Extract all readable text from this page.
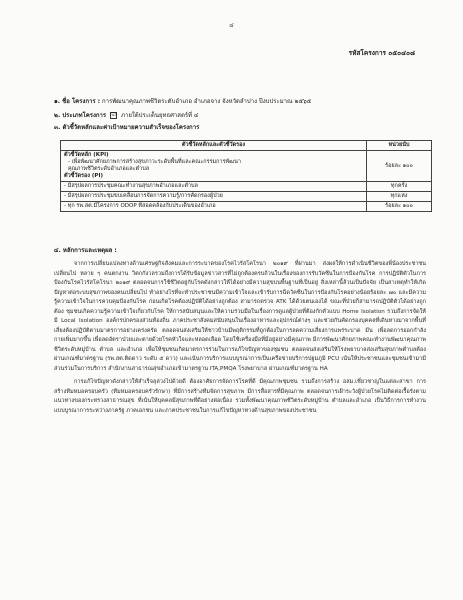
๔
รหัสโครงการ ๐๕๐๔๐๘
๑. ชื่อ โครงการ : การพัฒนาคุณภาพชีวิตระดับอำเภอ อำเภอจาง จังหวัดลำปาง ปีงบประมาณ ๒๕๖๕
๒. ประเภทโครงการ ☑ ภายใต้ประเด็นยุทธศาสตร์ที่ ๔
๓. ตัวชี้วัดหลักและค่าเป้าหมายความสำเร็จของโครงการ
ตัวชี้วัดหลักและตัวชี้วัดรอง	หน่วยนับ

ตัวชี้วัดหลัก (KPI)
- เพื่อพัฒนาศักยภาพการสร้างสุขภาวะระดับพื้นที่และคณะกรรมการพัฒนา
คุณภาพชีวิตระดับอำเภอและตำบล
ตัวชี้วัดรอง (PI)	ร้อยละ ๑๐๐
- มีสรุปผลการประชุมคณะทำงานสุขภาพอำเภอและตำบล	ทุกครั้ง
- มีสรุปผลการประชุมขบเคลื่อนการจัดการความรู้/การคัดกรองผู้ป่วย	ทุกแห่ง
- ทุก รพ.สต.มีโครงการ ODOP ที่สอดคล้องกับประเด็นของอำเภอ	ร้อยละ ๑๐๐
๔. หลักการและเหตุผล :

จากการเปลี่ยนแปลงทางด้านเศรษฐกิจสังคมและการระบาดของโรคไวรัสโคโรนา ๒๐๑๙ ที่ผ่านมา ส่งผลให้การดำเนินชีวิตของพี่น้องประชาชนเปลี่ยนไป หลาย ๆ คนตกงาน วิตกกังวลรวมถึงการได้รับข้อมูลข่าวสารที่ไม่ถูกต้องครบถ้วนในเรื่องของการรับวัคซีนในการป้องกันโรค การปฏิบัติตัวในการป้องกันโรคไวรัสโคโรนา ๒๐๑๙ ตลอดจนการใช้ชีวิตอยู่กับโรคดังกล่าวให้ได้อย่างมีความสุขบนพื้นฐานที่เป็นอยู่ สิ่งเหล่านี้ล้วนเป็นปัจจัย เป็นสาเหตุทำให้เกิดปัญหาต่อระบบสุขภาพของคนเปลี่ยนไป ทำอย่างไรที่จะทำประชาชนมีความเข้าใจและเข้ารับการฉีดวัคซีนในการป้องกันโรคอย่างน้อยร้อยละ ๗๐ และมีความรู้ความเข้าใจในการควบคุมป้องกันโรค ก่อนเกิดโรคต้องปฏิบัติได้อย่างถูกต้อง สามารถตรวจ ATK ได้ด้วยตนเองได้ ขณะที่ป่วยก็สามารถปฏิบัติตัวได้อย่างถูกต้อง ชุมชนเกิดความรู้ความเข้าใจเกี่ยวกับโรค ให้การสนับสนุนและให้ความร่วมมือในเรื่องการดูแลผู้ป่วยที่ต้องกักตัวแบบ Home Isolation รวมถึงการจัดให้มี Local Isolation องค์กรปกครองส่วนท้องถิ่น ภาคประชาสังคมสนับสนุนในเรื่องอาหารและอุปกรณ์ต่างๆ และช่วยกันคัดกรองบุคคลที่เดินทางมาจากพื้นที่เสี่ยงต้องปฏิบัติตามมาตรการอย่างเคร่งครัด ตลอดจนส่งเสริมให้ชาวบ้านมีพฤติกรรมที่ถูกต้องในการลดความเสี่ยงการแพร่ระบาด มีน เพื่อลดการออกกำลังกายเพิ่มมากขึ้น เพื่อลดอัตราป่วยและตายด้วยโรคหัวใจและหลอดเลือด โดยใช้เครื่องมือที่มีอยู่อย่างมีคุณภาพ มีการพัฒนาศักยภาพคณะทำงานพัฒนาคุณภาพชีวิตระดับหมู่บ้าน ตำบล และอำเภอ เพื่อให้ชุมชนเกิดมาตรการร่วมในการแก้ไขปัญหาของชุมชน ตลอดจนส่งเสริมให้โรงพยาบาลส่งเสริมสุขภาพตำบลต้องผ่านเกณฑ์มาตรฐาน (รพ.สต.ติดดาว ระดับ ๕ ดาว) และเน้นการบริการแบบบูรณาการเป็นเครือข่ายบริการปฐมภูมิ PCU เน้นให้ประชาชนและชุมชนเข้ามามีส่วนร่วมในการบริการ สำนักงานสาธารณสุขอำเภอเข้ามาตรฐาน ITA,PMQA โรงพยาบาล ผ่านเกณฑ์มาตรฐาน HA

การแก้ไขปัญหาดังกล่าวให้สำเร็จลุล่วงไปด้วยดี ต้องอาศัยการจัดการโรคที่ดี มีคุณภาพชุมชน รวมถึงการสร้าง อสม.เชี่ยวชาญในแต่ละสาขา การสร้างทีมหมอครอบครัว (ทีมหมอครอบครัวรักษา) ที่มีการสร้างทีมจัดการสุขภาพ มีการสื่อสารที่มีคุณภาพ ตลอดจนการเฝ้าระวังผู้ป่วยโรคไม่ติดต่อเรื้อรังตามแนวทางของกระทรวงสาธารณสุข ที่เน้นให้บุคคลมีสุขภาพที่ดีอย่างต่อเนื่อง รวมทั้งพัฒนาคุณภาพชีวิตระดับหมู่บ้าน ตำบลและอำเภอ เป็นวิธีการการทำงานแบบบูรณาการระหว่างภาครัฐ ภาคเอกชน และภาคประชาชนในการแก้ไขปัญหาทางด้านสุขภาพของประชาชน
